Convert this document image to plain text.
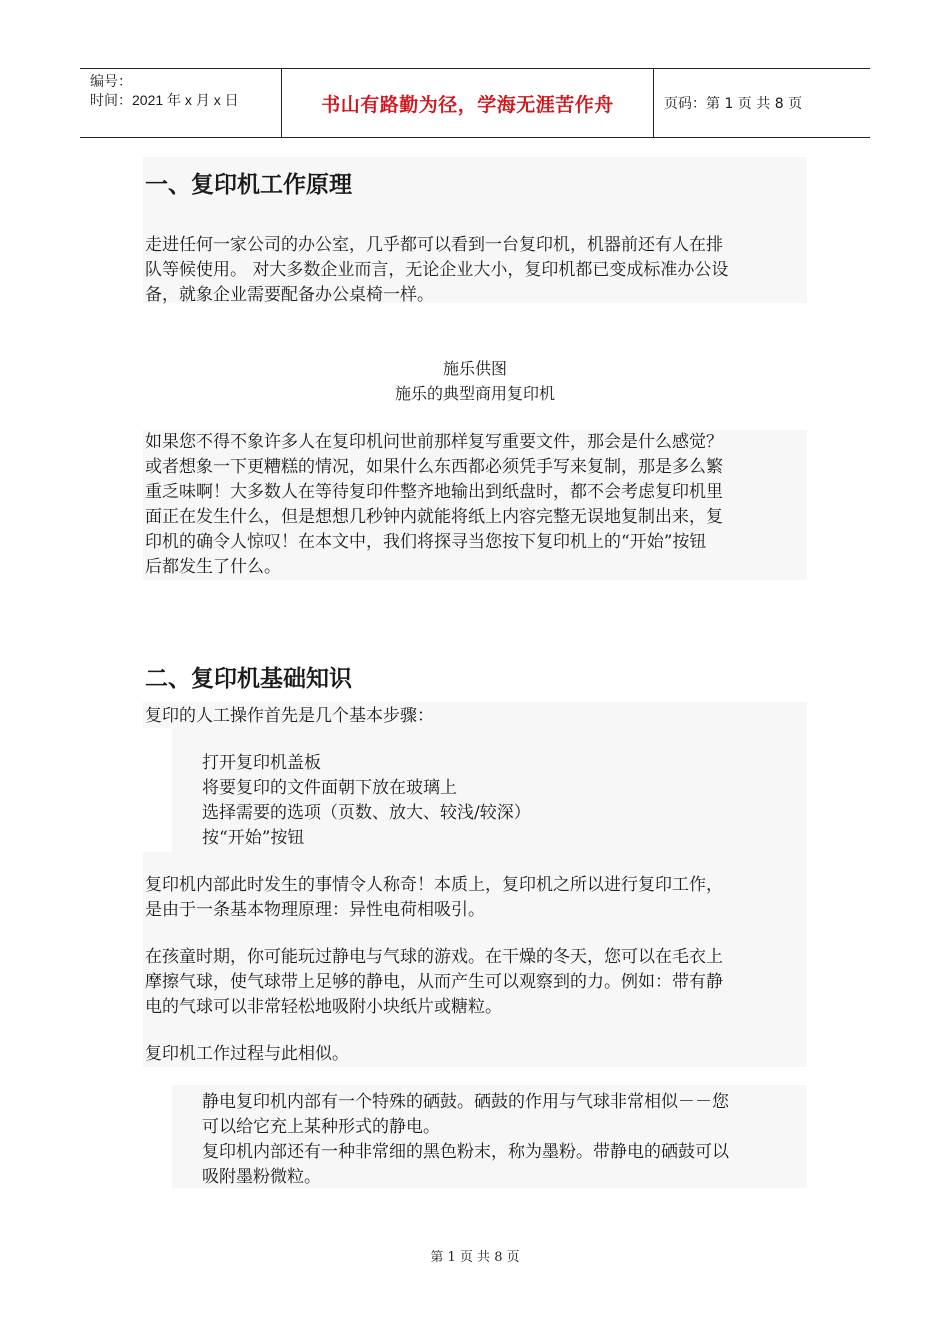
编号：
时间：2021 年 x 月 x 日	书山有路勤为径，学海无涯苦作舟	页码：第 1 页 共 8 页
一、复印机工作原理
走进任何一家公司的办公室，几乎都可以看到一台复印机，机器前还有人在排
队等候使用。 对大多数企业而言，无论企业大小，复印机都已变成标准办公设
备，就象企业需要配备办公桌椅一样。
施乐供图
施乐的典型商用复印机
如果您不得不象许多人在复印机问世前那样复写重要文件，那会是什么感觉？
或者想象一下更糟糕的情况，如果什么东西都必须凭手写来复制，那是多么繁
重乏味啊！大多数人在等待复印件整齐地输出到纸盘时，都不会考虑复印机里
面正在发生什么，但是想想几秒钟内就能将纸上内容完整无误地复制出来，复
印机的确令人惊叹！在本文中，我们将探寻当您按下复印机上的“开始”按钮
后都发生了什么。
二、复印机基础知识
复印的人工操作首先是几个基本步骤：
打开复印机盖板
将要复印的文件面朝下放在玻璃上
选择需要的选项（页数、放大、较浅/较深）
按“开始”按钮
复印机内部此时发生的事情令人称奇！本质上，复印机之所以进行复印工作，
是由于一条基本物理原理：异性电荷相吸引。
在孩童时期，你可能玩过静电与气球的游戏。在干燥的冬天，您可以在毛衣上
摩擦气球，使气球带上足够的静电，从而产生可以观察到的力。例如：带有静
电的气球可以非常轻松地吸附小块纸片或糖粒。
复印机工作过程与此相似。
静电复印机内部有一个特殊的硒鼓。硒鼓的作用与气球非常相似－－您
可以给它充上某种形式的静电。
复印机内部还有一种非常细的黑色粉末，称为墨粉。带静电的硒鼓可以
吸附墨粉微粒。
第 1 页 共 8 页
